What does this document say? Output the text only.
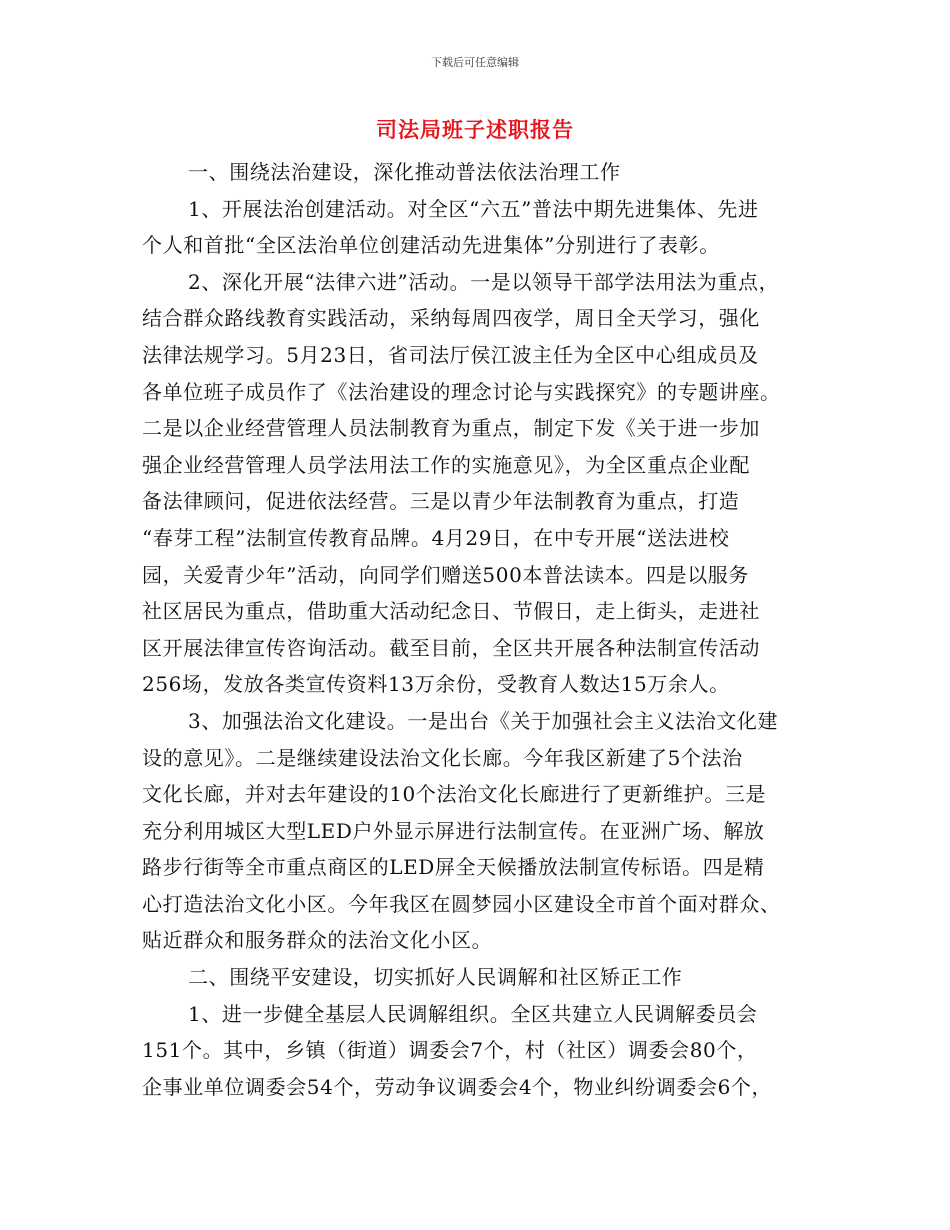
下载后可任意编辑
司法局班子述职报告
一、围绕法治建设，深化推动普法依法治理工作
1、开展法治创建活动。对全区“六五”普法中期先进集体、先进
个人和首批“全区法治单位创建活动先进集体”分别进行了表彰。
2、深化开展“法律六进”活动。一是以领导干部学法用法为重点，
结合群众路线教育实践活动，采纳每周四夜学，周日全天学习，强化
法律法规学习。5月23日，省司法厅侯江波主任为全区中心组成员及
各单位班子成员作了《法治建设的理念讨论与实践探究》的专题讲座。
二是以企业经营管理人员法制教育为重点，制定下发《关于进一步加
强企业经营管理人员学法用法工作的实施意见》，为全区重点企业配
备法律顾问，促进依法经营。三是以青少年法制教育为重点，打造
“春芽工程”法制宣传教育品牌。4月29日，在中专开展“送法进校
园，关爱青少年”活动，向同学们赠送500本普法读本。四是以服务
社区居民为重点，借助重大活动纪念日、节假日，走上街头，走进社
区开展法律宣传咨询活动。截至目前，全区共开展各种法制宣传活动
256场，发放各类宣传资料13万余份，受教育人数达15万余人。
3、加强法治文化建设。一是出台《关于加强社会主义法治文化建
设的意见》。二是继续建设法治文化长廊。今年我区新建了5个法治
文化长廊，并对去年建设的10个法治文化长廊进行了更新维护。三是
充分利用城区大型LED户外显示屏进行法制宣传。在亚洲广场、解放
路步行街等全市重点商区的LED屏全天候播放法制宣传标语。四是精
心打造法治文化小区。今年我区在圆梦园小区建设全市首个面对群众、
贴近群众和服务群众的法治文化小区。
二、围绕平安建设，切实抓好人民调解和社区矫正工作
1、进一步健全基层人民调解组织。全区共建立人民调解委员会
151个。其中，乡镇（街道）调委会7个，村（社区）调委会80个，
企事业单位调委会54个，劳动争议调委会4个，物业纠纷调委会6个，
